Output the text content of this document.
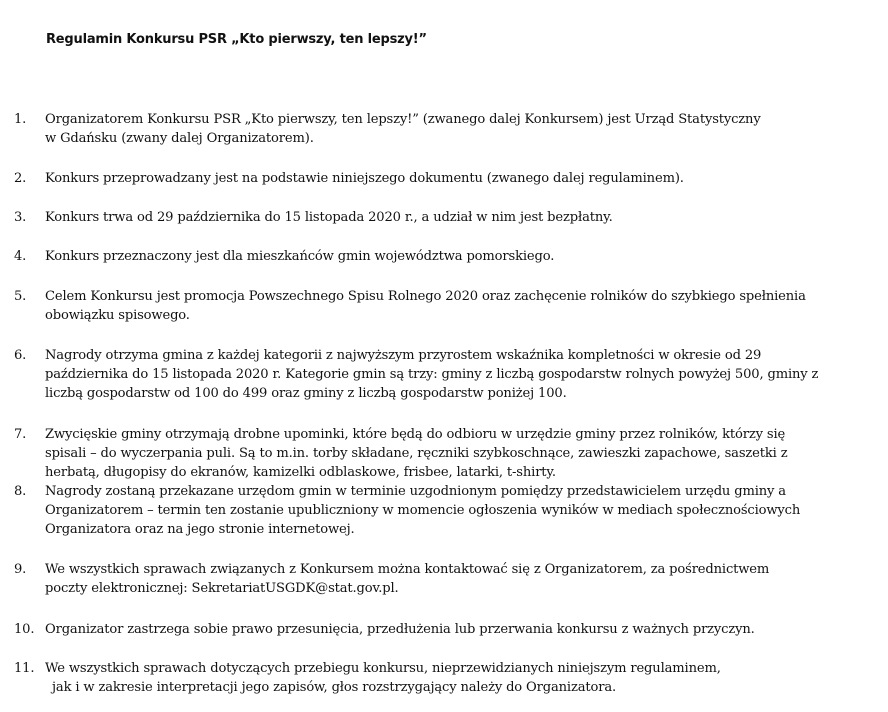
Regulamin Konkursu PSR „Kto pierwszy, ten lepszy!”
1. Organizatorem Konkursu PSR „Kto pierwszy, ten lepszy!” (zwanego dalej Konkursem) jest Urząd Statystyczny
w Gdańsku (zwany dalej Organizatorem).
2. Konkurs przeprowadzany jest na podstawie niniejszego dokumentu (zwanego dalej regulaminem).
3. Konkurs trwa od 29 października do 15 listopada 2020 r., a udział w nim jest bezpłatny.
4. Konkurs przeznaczony jest dla mieszkańców gmin województwa pomorskiego.
5. Celem Konkursu jest promocja Powszechnego Spisu Rolnego 2020 oraz zachęcenie rolników do szybkiego spełnienia
obowiązku spisowego.
6. Nagrody otrzyma gmina z każdej kategorii z najwyższym przyrostem wskaźnika kompletności w okresie od 29
października do 15 listopada 2020 r. Kategorie gmin są trzy: gminy z liczbą gospodarstw rolnych powyżej 500, gminy z
liczbą gospodarstw od 100 do 499 oraz gminy z liczbą gospodarstw poniżej 100.
7. Zwycięskie gminy otrzymają drobne upominki, które będą do odbioru w urzędzie gminy przez rolników, którzy się
spisali – do wyczerpania puli. Są to m.in. torby składane, ręczniki szybkoschnące, zawieszki zapachowe, saszetki z
herbatą, długopisy do ekranów, kamizelki odblaskowe, frisbee, latarki, t-shirty.
8. Nagrody zostaną przekazane urzędom gmin w terminie uzgodnionym pomiędzy przedstawicielem urzędu gminy a
Organizatorem – termin ten zostanie upubliczniony w momencie ogłoszenia wyników w mediach społecznościowych
Organizatora oraz na jego stronie internetowej.
9. We wszystkich sprawach związanych z Konkursem można kontaktować się z Organizatorem, za pośrednictwem
poczty elektronicznej: SekretariatUSGDK@stat.gov.pl.
10. Organizator zastrzega sobie prawo przesunięcia, przedłużenia lub przerwania konkursu z ważnych przyczyn.
11. We wszystkich sprawach dotyczących przebiegu konkursu, nieprzewidzianych niniejszym regulaminem,
jak i w zakresie interpretacji jego zapisów, głos rozstrzygający należy do Organizatora.
